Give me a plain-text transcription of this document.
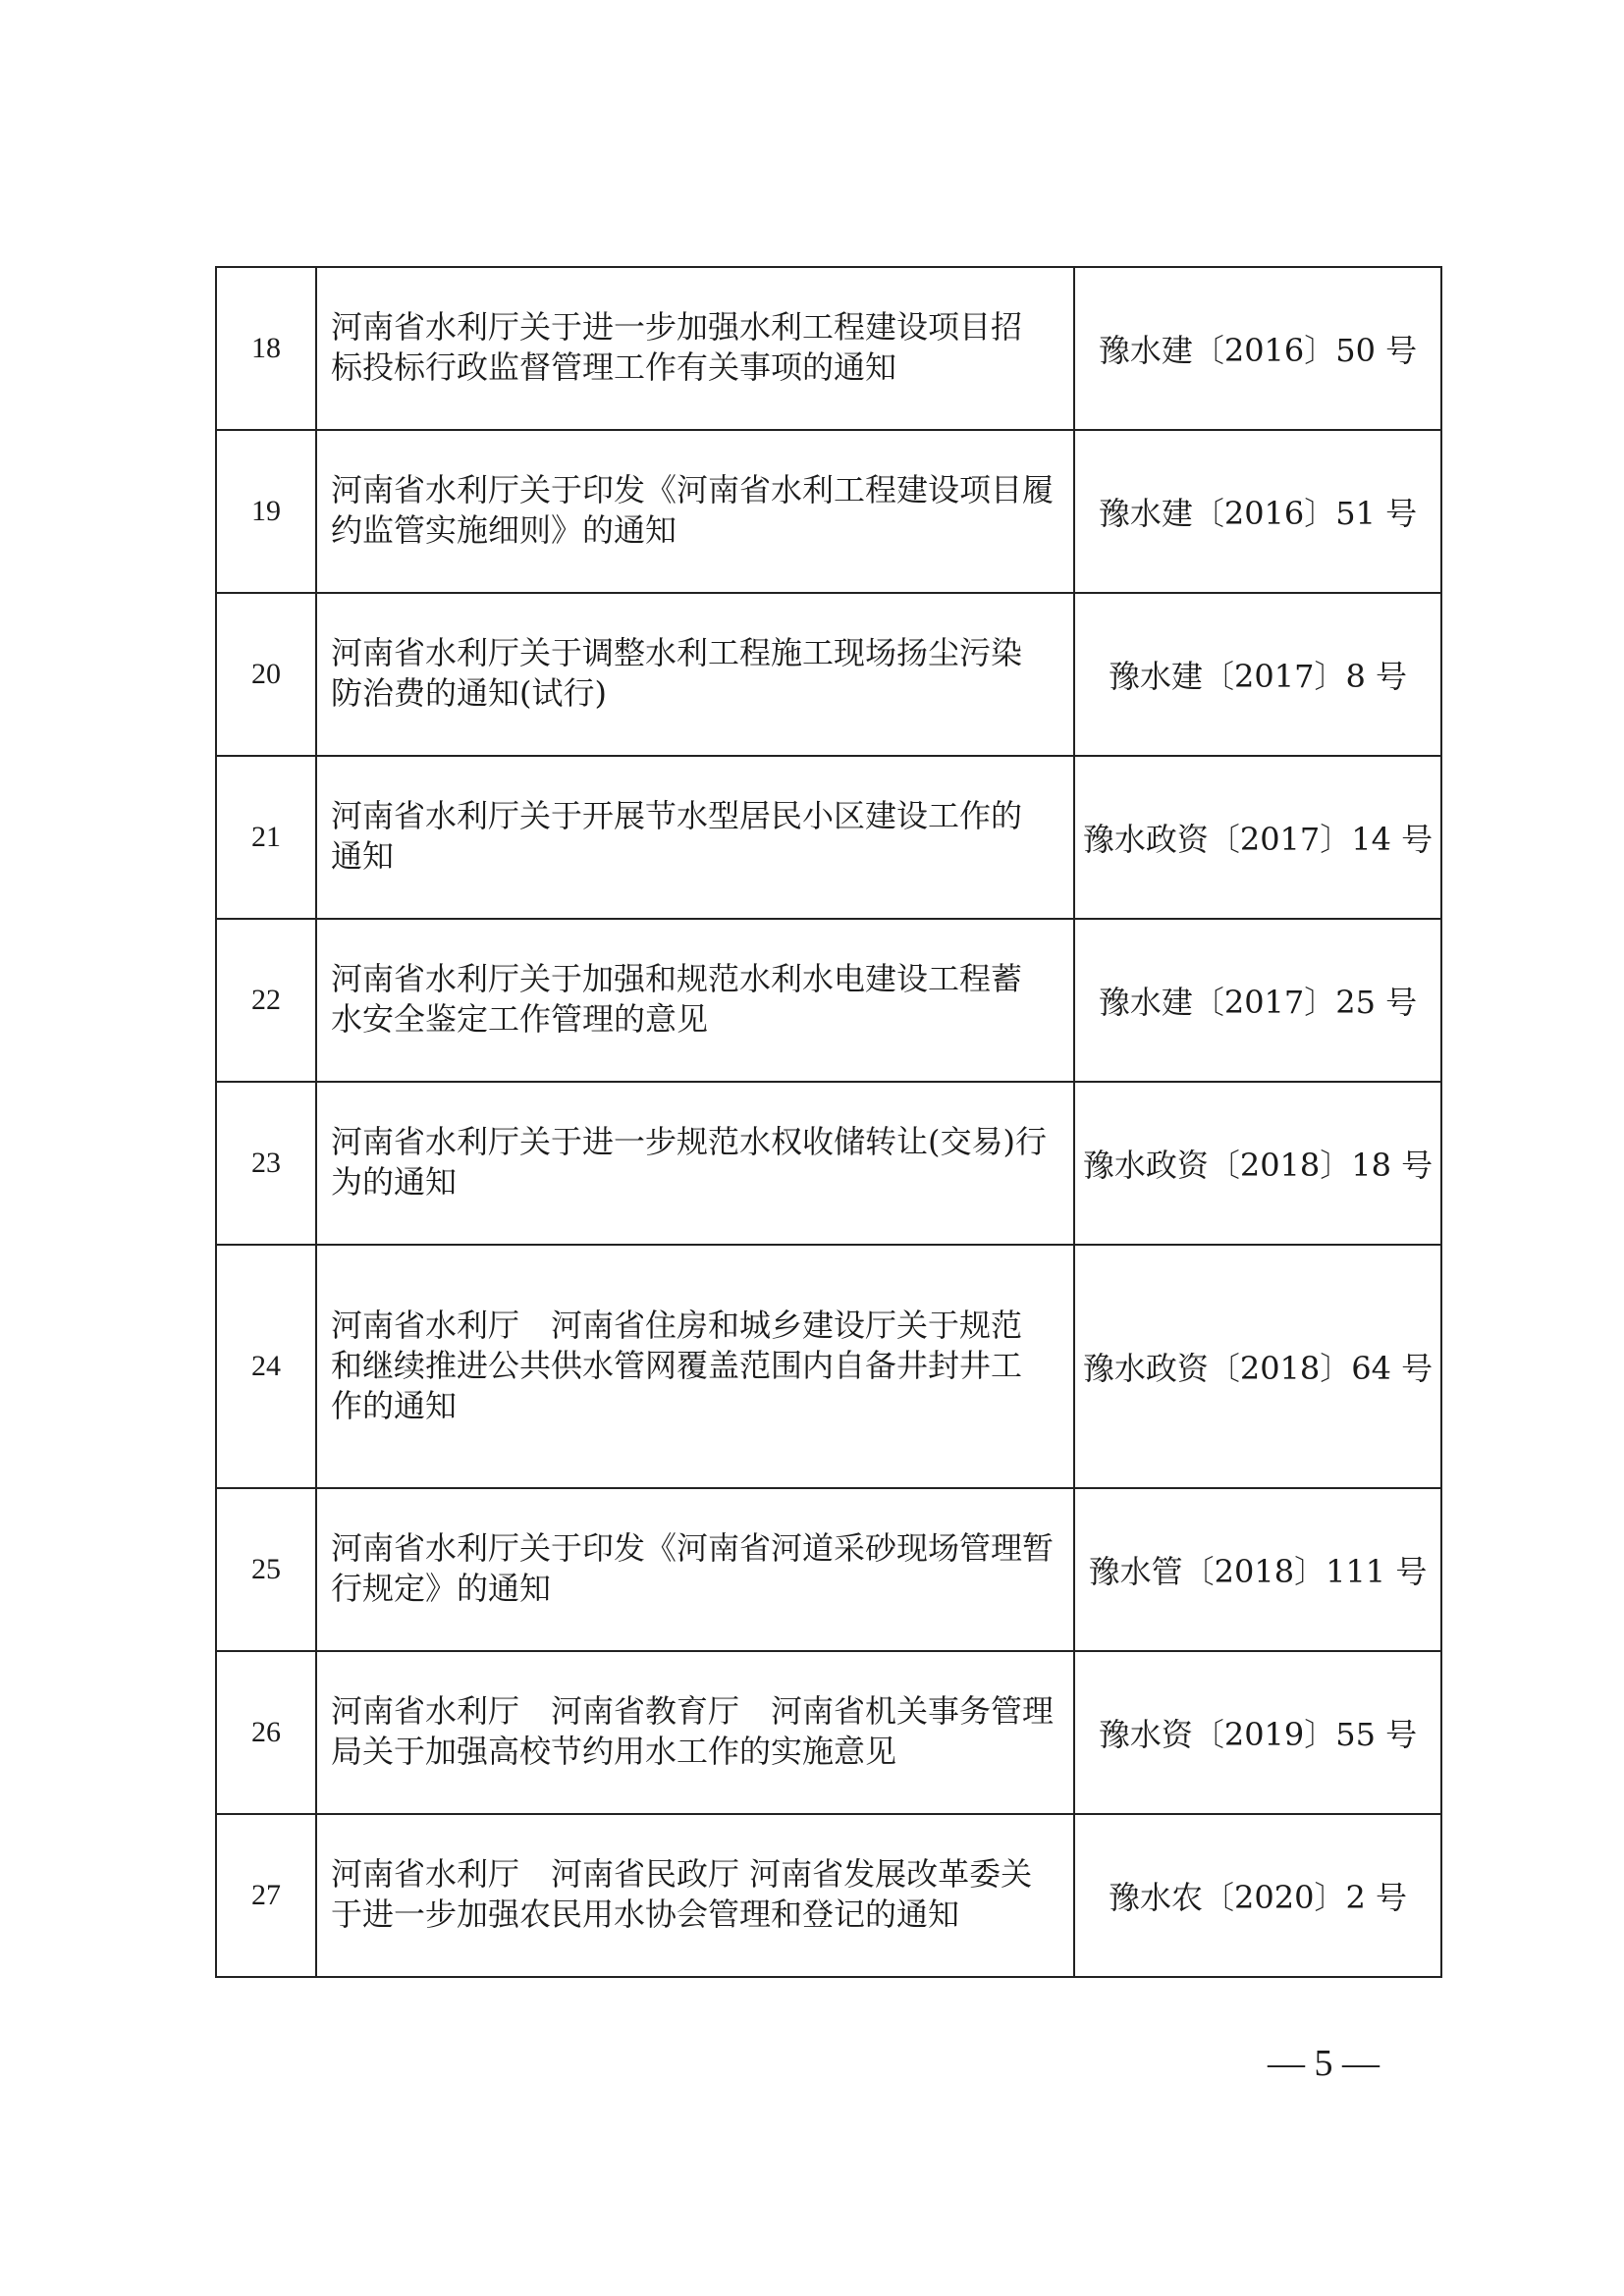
18	河南省水利厅关于进一步加强水利工程建设项目招
标投标行政监督管理工作有关事项的通知	豫水建〔2016〕50 号
19	河南省水利厅关于印发《河南省水利工程建设项目履
约监管实施细则》的通知	豫水建〔2016〕51 号
20	河南省水利厅关于调整水利工程施工现场扬尘污染
防治费的通知(试行)	豫水建〔2017〕8 号
21	河南省水利厅关于开展节水型居民小区建设工作的
通知	豫水政资〔2017〕14 号
22	河南省水利厅关于加强和规范水利水电建设工程蓄
水安全鉴定工作管理的意见	豫水建〔2017〕25 号
23	河南省水利厅关于进一步规范水权收储转让(交易)行
为的通知	豫水政资〔2018〕18 号
24	河南省水利厅　河南省住房和城乡建设厅关于规范
和继续推进公共供水管网覆盖范围内自备井封井工
作的通知	豫水政资〔2018〕64 号
25	河南省水利厅关于印发《河南省河道采砂现场管理暂
行规定》的通知	豫水管〔2018〕111 号
26	河南省水利厅　河南省教育厅　河南省机关事务管理
局关于加强高校节约用水工作的实施意见	豫水资〔2019〕55 号
27	河南省水利厅　河南省民政厅 河南省发展改革委关
于进一步加强农民用水协会管理和登记的通知	豫水农〔2020〕2 号
— 5 —
